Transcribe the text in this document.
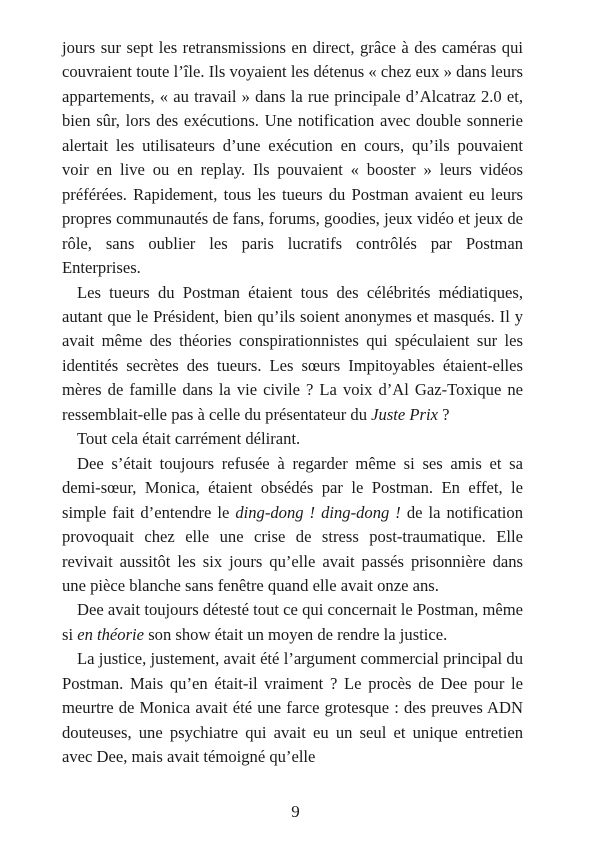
jours sur sept les retransmissions en direct, grâce à des caméras qui couvraient toute l’île. Ils voyaient les détenus « chez eux » dans leurs appartements, « au travail » dans la rue principale d’Alcatraz 2.0 et, bien sûr, lors des exécutions. Une notification avec double sonnerie alertait les utilisateurs d’une exécution en cours, qu’ils pouvaient voir en live ou en replay. Ils pouvaient « booster » leurs vidéos préférées. Rapidement, tous les tueurs du Postman avaient eu leurs propres communautés de fans, forums, goodies, jeux vidéo et jeux de rôle, sans oublier les paris lucratifs contrôlés par Postman Enterprises.

Les tueurs du Postman étaient tous des célébrités médiatiques, autant que le Président, bien qu’ils soient anonymes et masqués. Il y avait même des théories conspirationnistes qui spéculaient sur les identités secrètes des tueurs. Les sœurs Impitoyables étaient-elles mères de famille dans la vie civile ? La voix d’Al Gaz-Toxique ne ressemblait-elle pas à celle du présentateur du Juste Prix ?

Tout cela était carrément délirant.

Dee s’était toujours refusée à regarder même si ses amis et sa demi-sœur, Monica, étaient obsédés par le Postman. En effet, le simple fait d’entendre le ding-dong ! ding-dong ! de la notification provoquait chez elle une crise de stress post-traumatique. Elle revivait aussitôt les six jours qu’elle avait passés prisonnière dans une pièce blanche sans fenêtre quand elle avait onze ans.

Dee avait toujours détesté tout ce qui concernait le Postman, même si en théorie son show était un moyen de rendre la justice.

La justice, justement, avait été l’argument commercial principal du Postman. Mais qu’en était-il vraiment ? Le procès de Dee pour le meurtre de Monica avait été une farce grotesque : des preuves ADN douteuses, une psychiatre qui avait eu un seul et unique entretien avec Dee, mais avait témoigné qu’elle

9
